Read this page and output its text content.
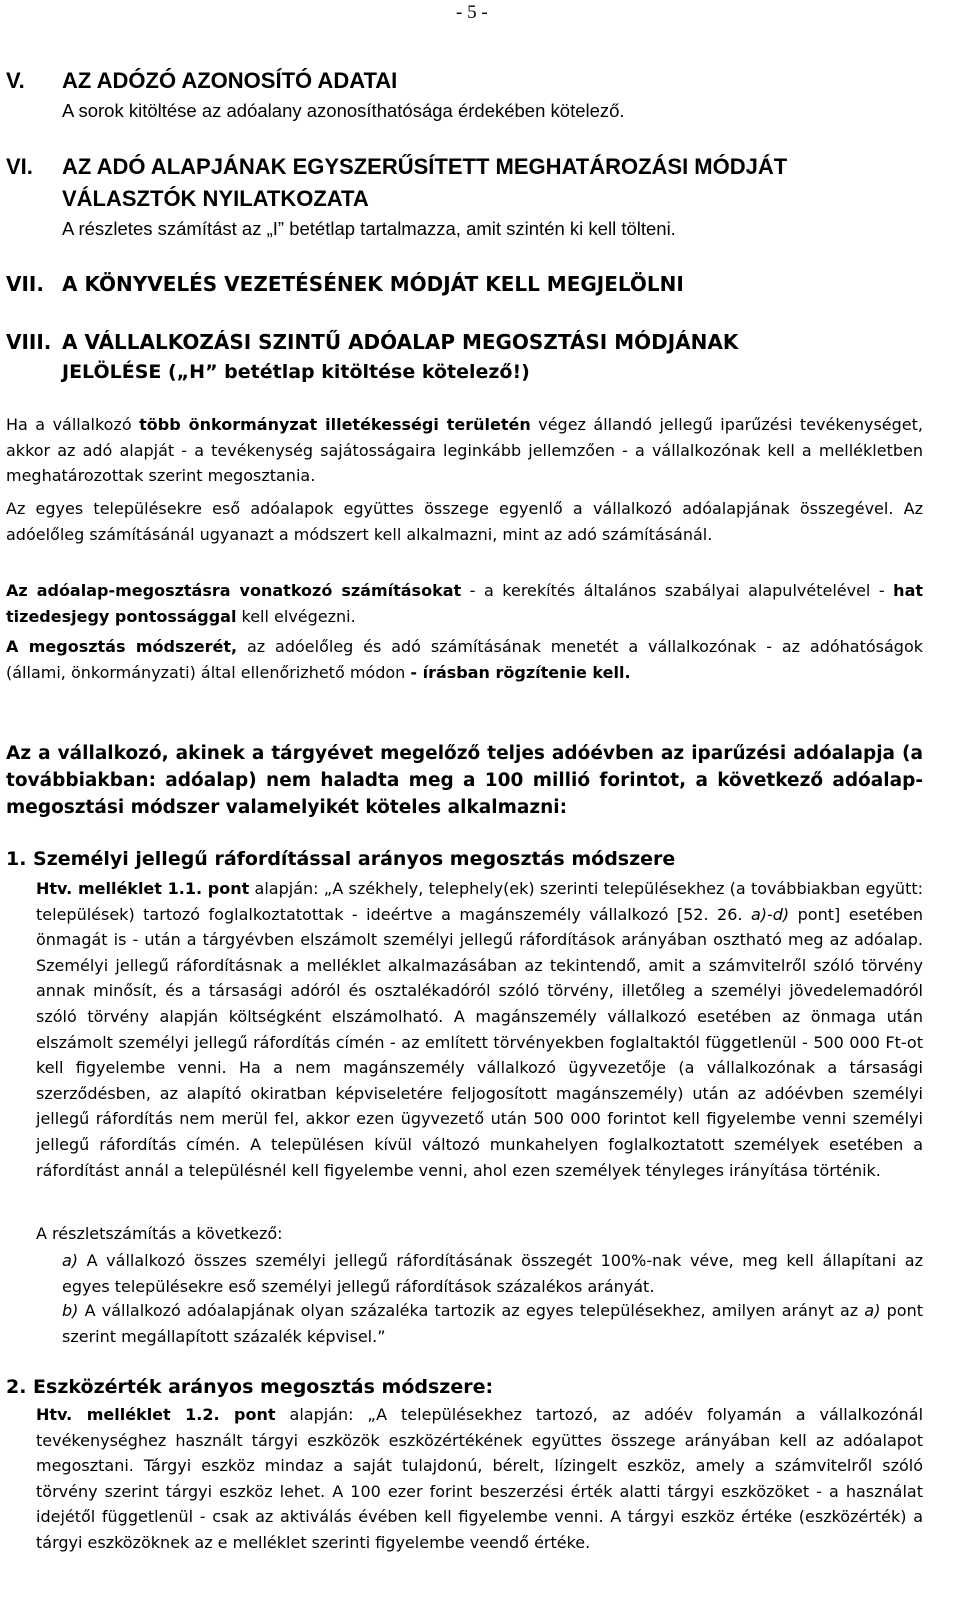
- 5 -
V. AZ ADÓZÓ AZONOSÍTÓ ADATAI
A sorok kitöltése az adóalany azonosíthatósága érdekében kötelező.
VI. AZ ADÓ ALAPJÁNAK EGYSZERŰSÍTETT MEGHATÁROZÁSI MÓDJÁT
VÁLASZTÓK NYILATKOZATA
A részletes számítást az „I” betétlap tartalmazza, amit szintén ki kell tölteni.
VII. A KÖNYVELÉS VEZETÉSÉNEK MÓDJÁT KELL MEGJELÖLNI
VIII. A VÁLLALKOZÁSI SZINTŰ ADÓALAP MEGOSZTÁSI MÓDJÁNAK
JELÖLÉSE („H” betétlap kitöltése kötelező!)
Ha a vállalkozó több önkormányzat illetékességi területén végez állandó jellegű iparűzési tevékenységet, akkor az adó alapját - a tevékenység sajátosságaira leginkább jellemzően - a vállalkozónak kell a mellékletben meghatározottak szerint megosztania.
Az egyes településekre eső adóalapok együttes összege egyenlő a vállalkozó adóalapjának összegével. Az adóelőleg számításánál ugyanazt a módszert kell alkalmazni, mint az adó számításánál.
Az adóalap-megosztásra vonatkozó számításokat - a kerekítés általános szabályai alapulvételével - hat tizedesjegy pontossággal kell elvégezni.
A megosztás módszerét, az adóelőleg és adó számításának menetét a vállalkozónak - az adóhatóságok (állami, önkormányzati) által ellenőrizhető módon - írásban rögzítenie kell.
Az a vállalkozó, akinek a tárgyévet megelőző teljes adóévben az iparűzési adóalapja (a továbbiakban: adóalap) nem haladta meg a 100 millió forintot, a következő adóalap-megosztási módszer valamelyikét köteles alkalmazni:
1. Személyi jellegű ráfordítással arányos megosztás módszere
Htv. melléklet 1.1. pont alapján: „A székhely, telephely(ek) szerinti településekhez (a továbbiakban együtt: települések) tartozó foglalkoztatottak - ideértve a magánszemély vállalkozó [52. 26. a)-d) pont] esetében önmagát is - után a tárgyévben elszámolt személyi jellegű ráfordítások arányában osztható meg az adóalap. Személyi jellegű ráfordításnak a melléklet alkalmazásában az tekintendő, amit a számvitelről szóló törvény annak minősít, és a társasági adóról és osztalékadóról szóló törvény, illetőleg a személyi jövedelemadóról szóló törvény alapján költségként elszámolható. A magánszemély vállalkozó esetében az önmaga után elszámolt személyi jellegű ráfordítás címén - az említett törvényekben foglaltaktól függetlenül - 500 000 Ft-ot kell figyelembe venni. Ha a nem magánszemély vállalkozó ügyvezetője (a vállalkozónak a társasági szerződésben, az alapító okiratban képviseletére feljogosított magánszemély) után az adóévben személyi jellegű ráfordítás nem merül fel, akkor ezen ügyvezető után 500 000 forintot kell figyelembe venni személyi jellegű ráfordítás címén. A településen kívül változó munkahelyen foglalkoztatott személyek esetében a ráfordítást annál a településnél kell figyelembe venni, ahol ezen személyek tényleges irányítása történik.
A részletszámítás a következő:
a) A vállalkozó összes személyi jellegű ráfordításának összegét 100%-nak véve, meg kell állapítani az egyes településekre eső személyi jellegű ráfordítások százalékos arányát.
b) A vállalkozó adóalapjának olyan százaléka tartozik az egyes településekhez, amilyen arányt az a) pont szerint megállapított százalék képvisel.”
2. Eszközérték arányos megosztás módszere:
Htv. melléklet 1.2. pont alapján: „A településekhez tartozó, az adóév folyamán a vállalkozónál tevékenységhez használt tárgyi eszközök eszközértékének együttes összege arányában kell az adóalapot megosztani. Tárgyi eszköz mindaz a saját tulajdonú, bérelt, lízingelt eszköz, amely a számvitelről szóló törvény szerint tárgyi eszköz lehet. A 100 ezer forint beszerzési érték alatti tárgyi eszközöket - a használat idejétől függetlenül - csak az aktiválás évében kell figyelembe venni. A tárgyi eszköz értéke (eszközérték) a tárgyi eszközöknek az e melléklet szerinti figyelembe veendő értéke.
